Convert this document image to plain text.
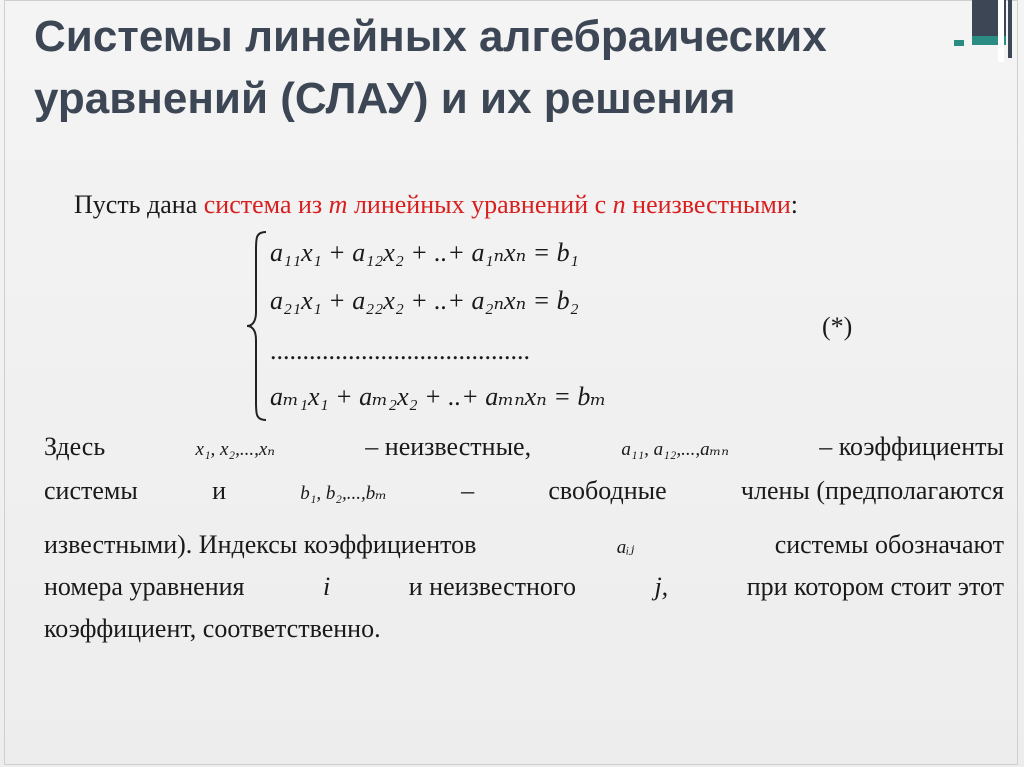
Системы линейных алгебраических
уравнений (СЛАУ) и их решения
Пусть дана система из m линейных уравнений с n неизвестными:
a₁₁x₁ + a₁₂x₂ + ..+ a₁ₙxₙ = b₁
a₂₁x₁ + a₂₂x₂ + ..+ a₂ₙxₙ = b₂
........................................
aₘ₁x₁ + aₘ₂x₂ + ..+ aₘₙxₙ = bₘ
(*)
Здесь	x₁, x₂,...,xₙ	– неизвестные,	a₁₁, a₁₂,...,aₘₙ	– коэффициенты
системы	и	b₁, b₂,...,bₘ	–	свободные	члены (предполагаются
известными). Индексы коэффициентов	aᵢⱼ	системы обозначают
номера уравнения	i	и неизвестного	j,	при котором стоит этот
коэффициент, соответственно.
